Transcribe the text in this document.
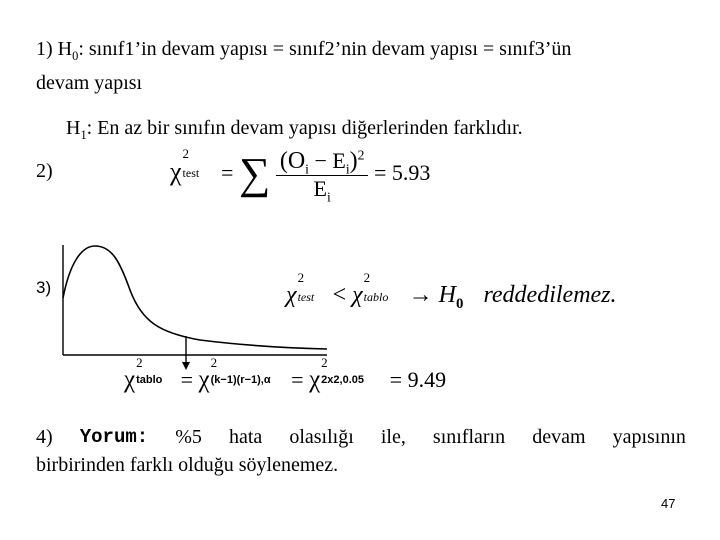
1) $H_0$: sınıf1’in devam yapısı = sınıf2’nin devam yapısı = sınıf3’ün
devam yapısı
$H_1$: En az bir sınıfın devam yapısı diğerlerinden farklıdır.
2)	χ
2
test = ∑ $\frac{(O_i - E_i)^2}{E_i} = 5.93$
3)	χ
2
test < χ
2
tablo → $H_0$ reddedilemez.
χ
2
tablo = χ
2
(k−1)(r−1),α = χ
2
2x2,0.05 = 9.49
4) Yorum: %5 hata olasılığı ile, sınıfların devam yapısının
birbirinden farklı olduğu söylenemez.
47
